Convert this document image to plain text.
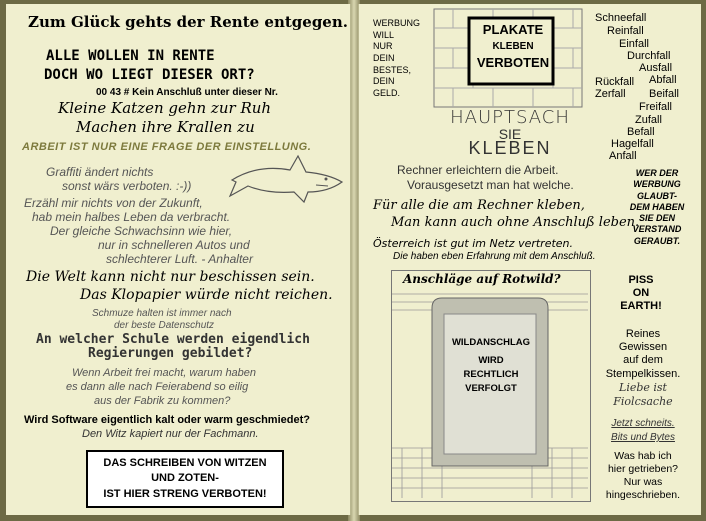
Zum Glück gehts der Rente entgegen.
ALLE WOLLEN IN RENTE
DOCH WO LIEGT DIESER ORT?
00 43 # Kein Anschluß unter dieser Nr.
Kleine Katzen gehn zur Ruh
Machen ihre Krallen zu
ARBEIT IST NUR EINE FRAGE DER EINSTELLUNG.
Graffiti ändert nichts
sonst wärs verboten. :-))
Erzähl mir nichts von der Zukunft,
hab mein halbes Leben da verbracht.
Der gleiche Schwachsinn wie hier,
nur in schnelleren Autos und
schlechterer Luft. - Anhalter
Die Welt kann nicht nur beschissen sein.
Das Klopapier würde nicht reichen.
Schmuze halten ist immer nach
der beste Datenschutz
An welcher Schule werden eigendlich
Regierungen gebildet?
Wenn Arbeit frei macht, warum haben
es dann alle nach Feierabend so eilig
aus der Fabrik zu kommen?
Wird Software eigentlich kalt oder warm geschmiedet?
Den Witz kapiert nur der Fachmann.
DAS SCHREIBEN VON WITZEN
UND ZOTEN-
IST HIER STRENG VERBOTEN!
WERBUNG
WILL
NUR
DEIN
BESTES,
DEIN
GELD.
PLAKATE
KLEBEN
VERBOTEN
HAUPTSACH
SIE
KLEBEN
Schneefall
Reinfall
Einfall
Durchfall
Ausfall
Rückfall Abfall
Zerfall Beifall
Freifall
Zufall
Befall
Hagelfall
Anfall
Rechner erleichtern die Arbeit.
Vorausgesetzt man hat welche.
WER DER
WERBUNG
GLAUBT-
DEM HABEN
SIE DEN
VERSTAND
GERAUBT.
Für alle die am Rechner kleben,
Man kann auch ohne Anschluß leben.
Österreich ist gut im Netz vertreten.
Die haben eben Erfahrung mit dem Anschluß.
Anschläge auf Rotwild?
WILDANSCHLAG
WIRD
RECHTLICH
VERFOLGT
PISS
ON
EARTH!
Reines
Gewissen
auf dem
Stempelkissen.
Liebe ist
Fiolcsache
Jetzt schneits.
Bits und Bytes
Was hab ich
hier getrieben?
Nur was
hingeschrieben.
